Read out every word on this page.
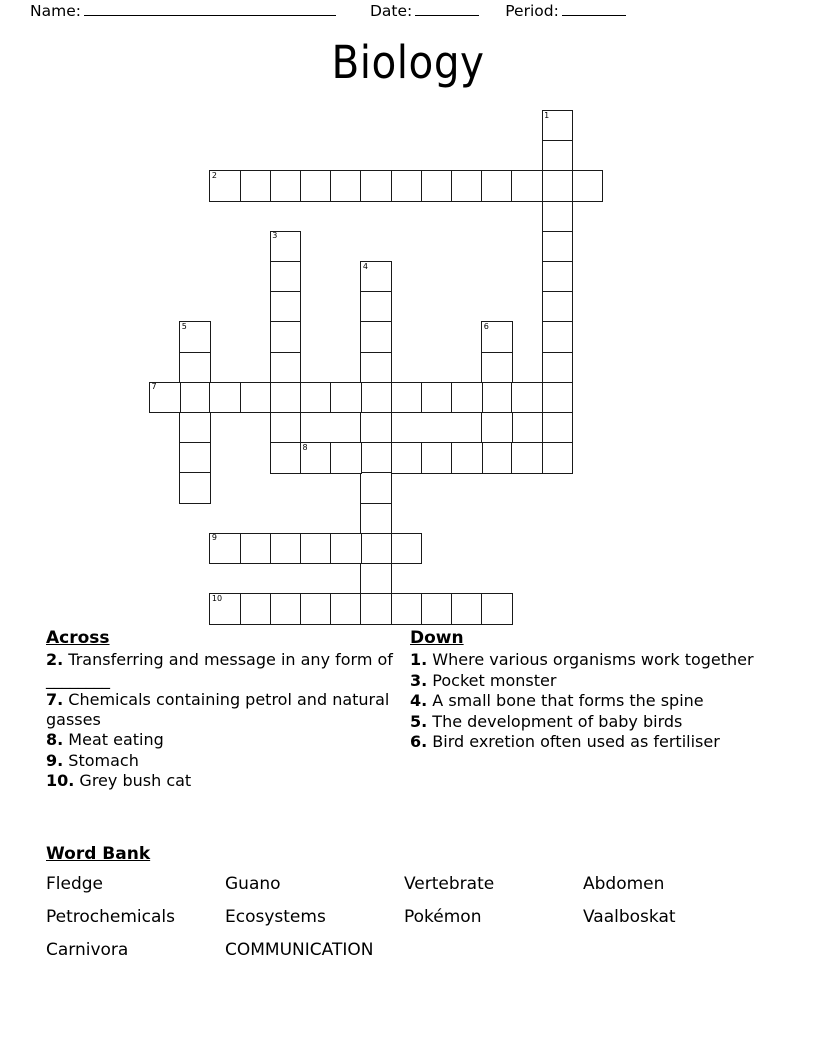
Name:	Date:	Period:
Biology
1
2
3
4
5	6
7
8
9
10
Across
2. Transferring and message in any form of ________
7. Chemicals containing petrol and natural gasses
8. Meat eating
9. Stomach
10. Grey bush cat
Down
1. Where various organisms work together
3. Pocket monster
4. A small bone that forms the spine
5. The development of baby birds
6. Bird exretion often used as fertiliser
Word Bank
Fledge	Guano	Vertebrate	Abdomen
Petrochemicals	Ecosystems	Pokémon	Vaalboskat
Carnivora	COMMUNICATION
